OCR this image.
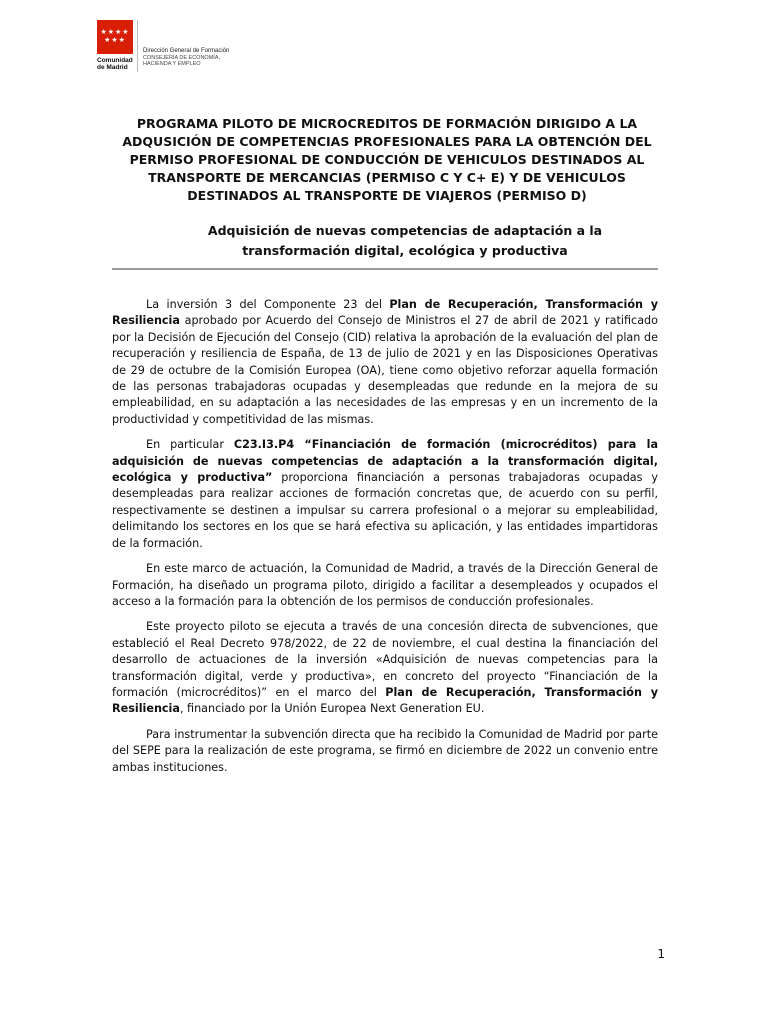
★★★★
★★★
Comunidad
de Madrid
Dirección General de Formación
CONSEJERÍA DE ECONOMÍA,
HACIENDA Y EMPLEO
PROGRAMA PILOTO DE MICROCREDITOS DE FORMACIÓN DIRIGIDO A LA ADQUSICIÓN DE COMPETENCIAS PROFESIONALES PARA LA OBTENCIÓN DEL PERMISO PROFESIONAL DE CONDUCCIÓN DE VEHICULOS DESTINADOS AL TRANSPORTE DE MERCANCIAS (PERMISO C Y C+ E) Y DE VEHICULOS DESTINADOS AL TRANSPORTE DE VIAJEROS (PERMISO D)
Adquisición de nuevas competencias de adaptación a la transformación digital, ecológica y productiva

La inversión 3 del Componente 23 del Plan de Recuperación, Transformación y Resiliencia aprobado por Acuerdo del Consejo de Ministros el 27 de abril de 2021 y ratificado por la Decisión de Ejecución del Consejo (CID) relativa la aprobación de la evaluación del plan de recuperación y resiliencia de España, de 13 de julio de 2021 y en las Disposiciones Operativas de 29 de octubre de la Comisión Europea (OA), tiene como objetivo reforzar aquella formación de las personas trabajadoras ocupadas y desempleadas que redunde en la mejora de su empleabilidad, en su adaptación a las necesidades de las empresas y en un incremento de la productividad y competitividad de las mismas.

En particular C23.I3.P4 “Financiación de formación (microcréditos) para la adquisición de nuevas competencias de adaptación a la transformación digital, ecológica y productiva” proporciona financiación a personas trabajadoras ocupadas y desempleadas para realizar acciones de formación concretas que, de acuerdo con su perfil, respectivamente se destinen a impulsar su carrera profesional o a mejorar su empleabilidad, delimitando los sectores en los que se hará efectiva su aplicación, y las entidades impartidoras de la formación.

En este marco de actuación, la Comunidad de Madrid, a través de la Dirección General de Formación, ha diseñado un programa piloto, dirigido a facilitar a desempleados y ocupados el acceso a la formación para la obtención de los permisos de conducción profesionales.

Este proyecto piloto se ejecuta a través de una concesión directa de subvenciones, que estableció el Real Decreto 978/2022, de 22 de noviembre, el cual destina la financiación del desarrollo de actuaciones de la inversión «Adquisición de nuevas competencias para la transformación digital, verde y productiva», en concreto del proyecto “Financiación de la formación (microcréditos)” en el marco del Plan de Recuperación, Transformación y Resiliencia, financiado por la Unión Europea Next Generation EU.

Para instrumentar la subvención directa que ha recibido la Comunidad de Madrid por parte del SEPE para la realización de este programa, se firmó en diciembre de 2022 un convenio entre ambas instituciones.

1
